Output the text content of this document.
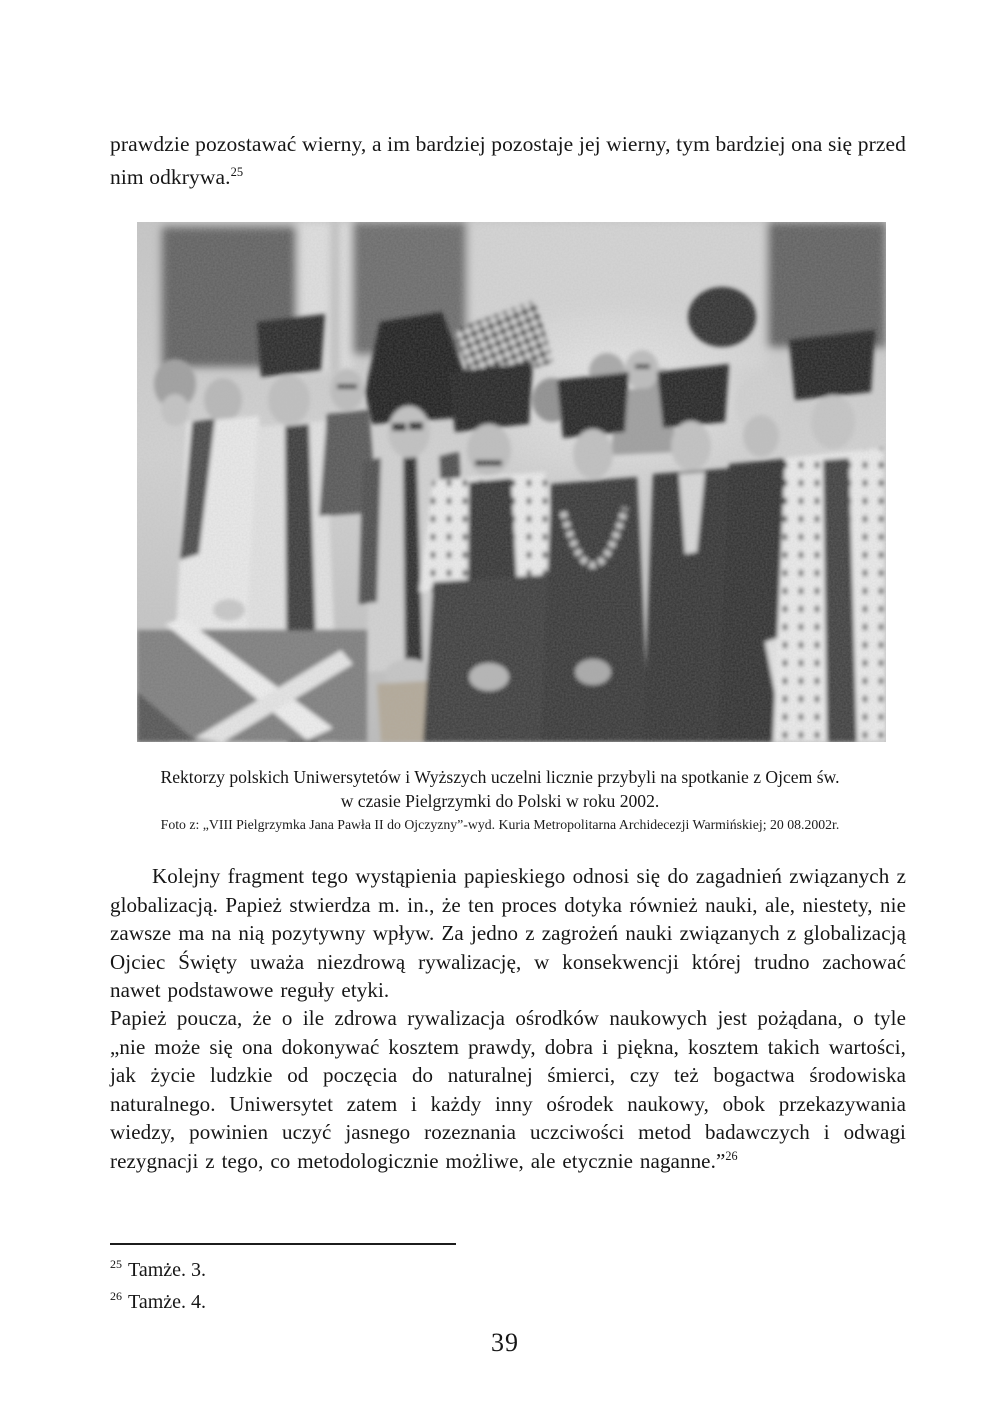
prawdzie pozostawać wierny, a im bardziej pozostaje jej wierny, tym bardziej ona się przed nim odkrywa.$^{25}$

Rektorzy polskich Uniwersytetów i Wyższych uczelni licznie przybyli na spotkanie z Ojcem św.
w czasie Pielgrzymki do Polski w roku 2002.
Foto z: „VIII Pielgrzymka Jana Pawła II do Ojczyzny”-wyd. Kuria Metropolitarna Archidecezji Warmińskiej; 20 08.2002r.

Kolejny fragment tego wystąpienia papieskiego odnosi się do zagadnień związanych z globalizacją. Papież stwierdza m. in., że ten proces dotyka również nauki, ale, niestety, nie zawsze ma na nią pozytywny wpływ. Za jedno z zagrożeń nauki związanych z globalizacją Ojciec Święty uważa niezdrową rywalizację, w konsekwencji której trudno zachować nawet podstawowe reguły etyki.

Papież poucza, że o ile zdrowa rywalizacja ośrodków naukowych jest pożądana, o tyle „nie może się ona dokonywać kosztem prawdy, dobra i piękna, kosztem takich wartości, jak życie ludzkie od poczęcia do naturalnej śmierci, czy też bogactwa środowiska naturalnego. Uniwersytet zatem i każdy inny ośrodek naukowy, obok przekazywania wiedzy, powinien uczyć jasnego rozeznania uczciwości metod badawczych i odwagi rezygnacji z tego, co metodologicznie możliwe, ale etycznie naganne.”$^{26}$

$^{25}$ Tamże. 3.
$^{26}$ Tamże. 4.
39
